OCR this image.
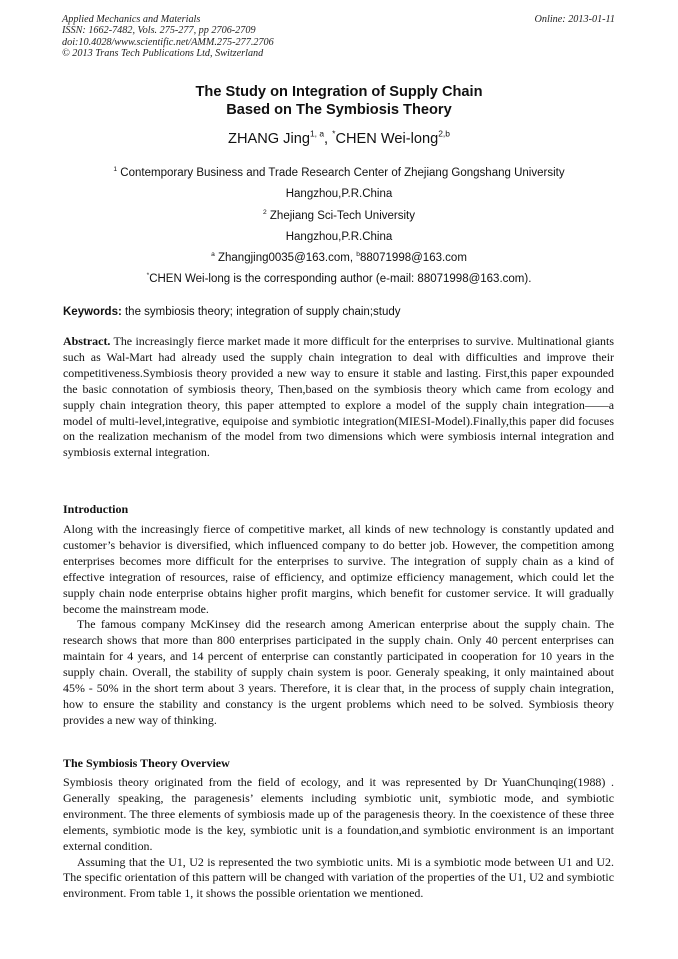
Applied Mechanics and Materials
ISSN: 1662-7482, Vols. 275-277, pp 2706-2709
doi:10.4028/www.scientific.net/AMM.275-277.2706
© 2013 Trans Tech Publications Ltd, Switzerland
Online: 2013-01-11
The Study on Integration of Supply Chain
Based on The Symbiosis Theory
ZHANG Jing$^{1, a}$, *CHEN Wei-long$^{2,b}$
$^1$ Contemporary Business and Trade Research Center of Zhejiang Gongshang University
Hangzhou,P.R.China
$^2$ Zhejiang Sci-Tech University
Hangzhou,P.R.China
$^a$ Zhangjing0035@163.com, $^b$88071998@163.com
*CHEN Wei-long is the corresponding author (e-mail: 88071998@163.com).
Keywords: the symbiosis theory; integration of supply chain;study

Abstract. The increasingly fierce market made it more difficult for the enterprises to survive. Multinational giants such as Wal-Mart had already used the supply chain integration to deal with difficulties and improve their competitiveness.Symbiosis theory provided a new way to ensure it stable and lasting. First,this paper expounded the basic connotation of symbiosis theory, Then,based on the symbiosis theory which came from ecology and supply chain integration theory, this paper attempted to explore a model of the supply chain integration——a model of multi-level,integrative, equipoise and symbiotic integration(MIESI-Model).Finally,this paper did focuses on the realization mechanism of the model from two dimensions which were symbiosis internal integration and symbiosis external integration.

Introduction

Along with the increasingly fierce of competitive market, all kinds of new technology is constantly updated and customer’s behavior is diversified, which influenced company to do better job. However, the competition among enterprises becomes more difficult for the enterprises to survive. The integration of supply chain as a kind of effective integration of resources, raise of efficiency, and optimize efficiency management, which could let the supply chain node enterprise obtains higher profit margins, which benefit for customer service. It will gradually become the mainstream mode.

The famous company McKinsey did the research among American enterprise about the supply chain. The research shows that more than 800 enterprises participated in the supply chain. Only 40 percent enterprises can maintain for 4 years, and 14 percent of enterprise can constantly participated in cooperation for 10 years in the supply chain. Overall, the stability of supply chain system is poor. Generaly speaking, it only maintained about 45% - 50% in the short term about 3 years. Therefore, it is clear that, in the process of supply chain integration, how to ensure the stability and constancy is the urgent problems which need to be solved. Symbiosis theory provides a new way of thinking.

The Symbiosis Theory Overview

Symbiosis theory originated from the field of ecology, and it was represented by Dr YuanChunqing(1988) . Generally speaking, the paragenesis’ elements including symbiotic unit, symbiotic mode, and symbiotic environment. The three elements of symbiosis made up of the paragenesis theory. In the coexistence of these three elements, symbiotic mode is the key, symbiotic unit is a foundation,and symbiotic environment is an important external condition.

Assuming that the U1, U2 is represented the two symbiotic units. Mi is a symbiotic mode between U1 and U2. The specific orientation of this pattern will be changed with variation of the properties of the U1, U2 and symbiotic environment. From table 1, it shows the possible orientation we mentioned.
